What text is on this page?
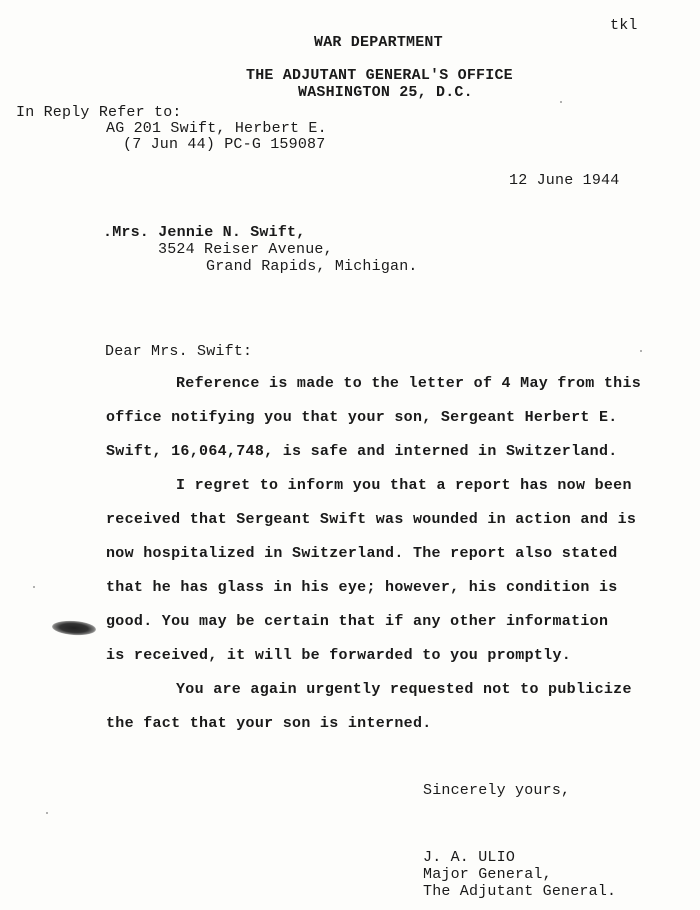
tkl
WAR DEPARTMENT
THE ADJUTANT GENERAL'S OFFICE
WASHINGTON 25, D.C.
In Reply Refer to:
AG 201 Swift, Herbert E.
(7 Jun 44) PC-G 159087
12 June 1944
.Mrs. Jennie N. Swift,
3524 Reiser Avenue,
Grand Rapids, Michigan.
Dear Mrs. Swift:
Reference is made to the letter of 4 May from this
office notifying you that your son, Sergeant Herbert E.
Swift, 16,064,748, is safe and interned in Switzerland.
I regret to inform you that a report has now been
received that Sergeant Swift was wounded in action and is
now hospitalized in Switzerland. The report also stated
that he has glass in his eye; however, his condition is
good. You may be certain that if any other information
is received, it will be forwarded to you promptly.
You are again urgently requested not to publicize
the fact that your son is interned.
Sincerely yours,
J. A. ULIO
Major General,
The Adjutant General.
